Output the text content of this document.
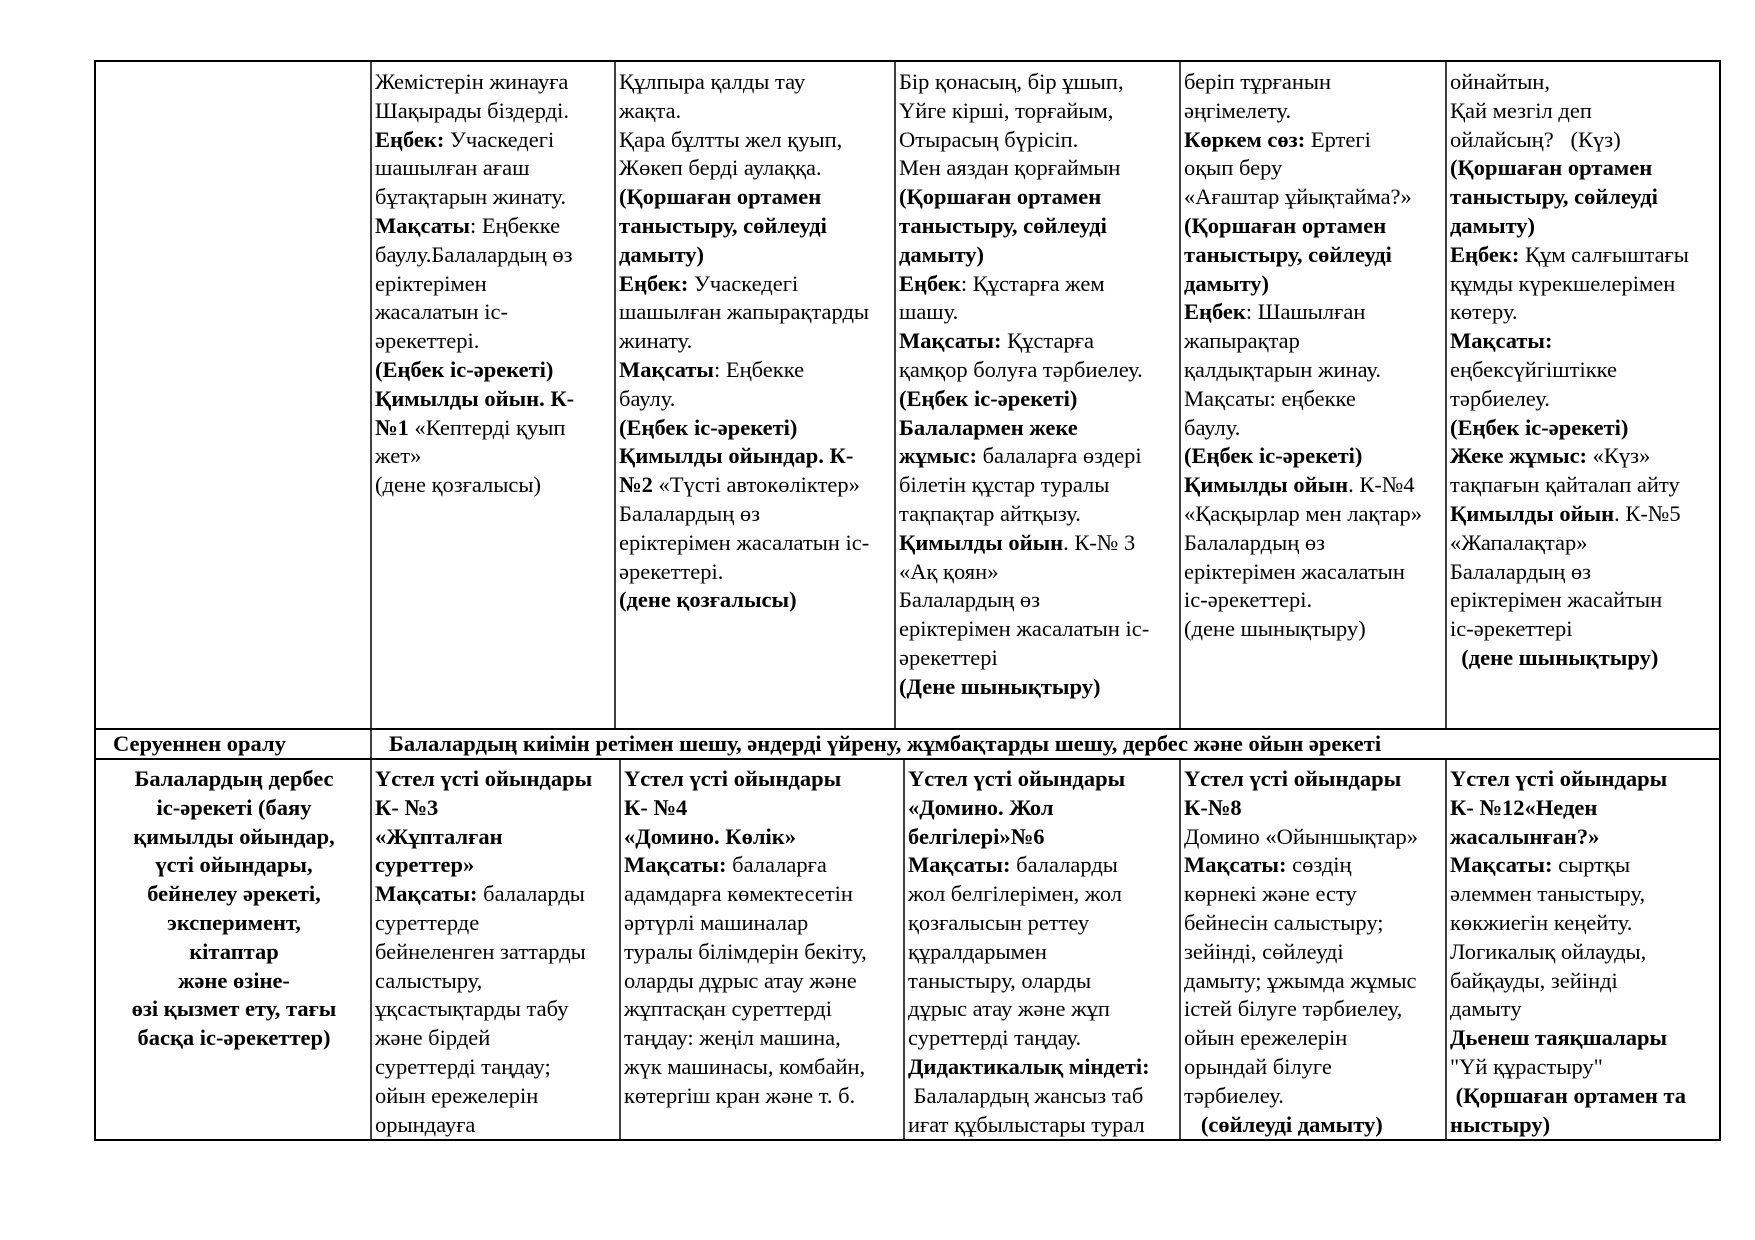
Жемістерін жинауға
Шақырады біздерді.
Еңбек: Учаскедегі
шашылған ағаш
бұтақтарын жинату.
Мақсаты: Еңбекке
баулу.Балалардың өз
еріктерімен
жасалатын іс-
әрекеттері.
(Еңбек іс-әрекеті)
Қимылды ойын. К-
№1 «Кептерді қуып
жет»
(дене қозғалысы)
Құлпыра қалды тау
жақта.
Қара бұлтты жел қуып,
Жөкеп берді аулаққа.
(Қоршаған ортамен
таныстыру, сөйлеуді
дамыту)
Еңбек: Учаскедегі
шашылған жапырақтарды
жинату.
Мақсаты: Еңбекке
баулу.
(Еңбек іс-әрекеті)
Қимылды ойындар. К-
№2 «Түсті автокөліктер»
Балалардың өз
еріктерімен жасалатын іс-
әрекеттері.
(дене қозғалысы)
Бір қонасың, бір ұшып,
Үйге кірші, торғайым,
Отырасың бүрісіп.
Мен аяздан қорғаймын
(Қоршаған ортамен
таныстыру, сөйлеуді
дамыту)
Еңбек: Құстарға жем
шашу.
Мақсаты: Құстарға
қамқор болуға тәрбиелеу.
(Еңбек іс-әрекеті)
Балалармен жеке
жұмыс: балаларға өздері
білетін құстар туралы
тақпақтар айтқызу.
Қимылды ойын. К-№ 3
«Ақ қоян»
Балалардың өз
еріктерімен жасалатын іс-
әрекеттері
(Дене шынықтыру)
беріп тұрғанын
әңгімелету.
Көркем сөз: Ертегі
оқып беру
«Ағаштар ұйықтайма?»
(Қоршаған ортамен
таныстыру, сөйлеуді
дамыту)
Еңбек: Шашылған
жапырақтар
қалдықтарын жинау.
Мақсаты: еңбекке
баулу.
(Еңбек іс-әрекеті)
Қимылды ойын. К-№4
«Қасқырлар мен лақтар»
Балалардың өз
еріктерімен жасалатын
іс-әрекеттері.
(дене шынықтыру)
ойнайтын,
Қай мезгіл деп
ойлайсың?   (Күз)
(Қоршаған ортамен
таныстыру, сөйлеуді
дамыту)
Еңбек: Құм салғыштағы
құмды күрекшелерімен
көтеру.
Мақсаты:
еңбексүйгіштікке
тәрбиелеу.
(Еңбек іс-әрекеті)
Жеке жұмыс: «Күз»
тақпағын қайталап айту
Қимылды ойын. К-№5
«Жапалақтар»
Балалардың өз
еріктерімен жасайтын
іс-әрекеттері
(дене шынықтыру)
Серуеннен оралу	Балалардың киімін ретімен шешу, әндерді үйрену, жұмбақтарды шешу, дербес және ойын әрекеті
Балалардың дербес
іс-әрекеті (баяу
қимылды ойындар,
үсті ойындары,
бейнелеу әрекеті,
эксперимент,
кітаптар
және өзіне-
өзі қызмет ету, тағы
басқа іс-әрекеттер)
Үстел үсті ойындары
К- №3
«Жұпталған
суреттер»
Мақсаты: балаларды
суреттерде
бейнеленген заттарды
салыстыру,
ұқсастықтарды табу
және бірдей
суреттерді таңдау;
ойын ережелерін
орындауға
Үстел үсті ойындары
К- №4
«Домино. Көлік»
Мақсаты: балаларға
адамдарға көмектесетін
әртүрлі машиналар
туралы білімдерін бекіту,
оларды дұрыс атау және
жұптасқан суреттерді
таңдау: жеңіл машина,
жүк машинасы, комбайн,
көтергіш кран және т. б.
Үстел үсті ойындары
«Домино. Жол
белгілері»№6
Мақсаты: балаларды
жол белгілерімен, жол
қозғалысын реттеу
құралдарымен
таныстыру, оларды
дұрыс атау және жұп
суреттерді таңдау.
Дидактикалық міндеті:
Балалардың жансыз таб
иғат құбылыстары турал
Үстел үсті ойындары
К-№8
Домино «Ойыншықтар»
Мақсаты: сөздің
көрнекі және есту
бейнесін салыстыру;
зейінді, сөйлеуді
дамыту; ұжымда жұмыс
істей білуге тәрбиелеу,
ойын ережелерін
орындай білуге
тәрбиелеу.
(сөйлеуді дамыту)
Үстел үсті ойындары
К- №12«Неден
жасалынған?»
Мақсаты: сыртқы
әлеммен таныстыру,
көкжиегін кеңейту.
Логикалық ойлауды,
байқауды, зейінді
дамыту
Дьенеш таяқшалары
"Үй құрастыру"
(Қоршаған ортамен та
ныстыру)
